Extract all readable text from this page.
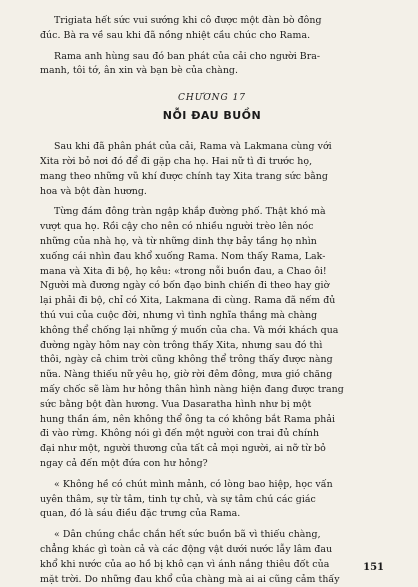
Trigiata hết sức vui sướng khi cô được một đàn bò đông
đúc. Bà ra về sau khi đã nồng nhiệt cầu chúc cho Rama.

Rama anh hùng sau đó ban phát của cải cho người Bra-
manh, tôi tớ, ân xin và bạn bè của chàng.

CHƯƠNG 17
NỖI ĐAU BUỒN

Sau khi đã phân phát của cải, Rama và Lakmana cùng với
Xita rời bỏ nơi đó để đi gặp cha họ. Hai nữ tì đi trước họ,
mang theo những vũ khí được chính tay Xita trang sức bằng
hoa và bột đàn hương.

Từng đám đông tràn ngập khắp đường phố. Thật khó mà
vượt qua họ. Rồi cậy cho nên có nhiều người trèo lên nóc
những của nhà họ, và từ những dinh thự bảy tầng họ nhìn
xuống cái nhìn đau khổ xuống Rama. Nom thấy Rama, Lak-
mana và Xita đi bộ, họ kêu: «trong nỗi buồn đau, a Chao ôi!
Người mà đương ngày có bốn đạo binh chiến đi theo hay giờ
lại phải đi bộ, chỉ có Xita, Lakmana đi cùng. Rama đã nếm đủ
thú vui của cuộc đời, nhưng vì tình nghĩa thắng mà chàng
không thể chống lại những ý muốn của cha. Và mới khách qua
đường ngày hôm nay còn trông thấy Xita, nhưng sau đó thì
thôi, ngày cả chim trời cũng không thể trông thấy được nàng
nữa. Nàng thiếu nữ yêu họ, giờ rời đêm đông, mưa gió chăng
mấy chốc sẽ làm hư hỏng thân hình nàng hiện đang được trang
sức bằng bột đàn hương. Vua Dasaratha hình như bị một
hung thần ám, nên không thể ông ta có không bắt Rama phải
đi vào rừng. Không nói gì đến một người con trai đủ chính
đại như một, người thương của tất cả mọi người, ai nỡ từ bỏ
ngay cả đến một đứa con hư hỏng?

« Không hề có chút mình mảnh, có lòng bao hiệp, học vấn
uyên thâm, sự từ tâm, tinh tự chủ, và sự tâm chú các giác
quan, đó là sáu điều đặc trưng của Rama.

« Dân chúng chắc chắn hết sức buồn bã vì thiếu chàng,
chẳng khác gì toàn cả và các động vật dưới nước lẫy lâm đau
khổ khi nước của ao hồ bị khô cạn vì ánh nắng thiêu đốt của
mặt trời. Do những đau khổ của chàng mà ai ai cũng cảm thấy

151
